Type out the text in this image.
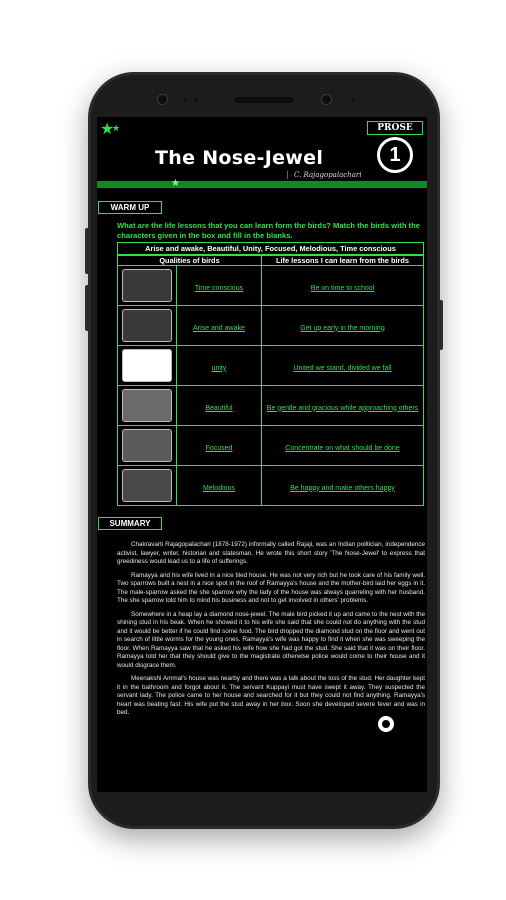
★
★	PROSE
1
The Nose-Jewel
C. Rajagopalachari
★
WARM UP
What are the life lessons that you can learn form the birds? Match the birds with the characters given in the box and fill in the blanks.
Arise and awake, Beautiful, Unity, Focused, Melodious, Time conscious
Qualities of birds		Life lessons I can learn from the birds

	Time conscious	Be on time to school

	Arise and awake	Get up early in the morning

	unity	United we stand, divided we fall

	Beautiful	Be gentle and gracious while approaching others

	Focused	Concentrate on what should be done

	Melodious	Be happy and make others happy
SUMMARY

Chakravarti Rajagopalachari (1878-1972) informally called Rajaji, was an Indian politician, independence activist, lawyer, writer, historian and statesman. He wrote this short story 'The Nose-Jewel' to express that greediness would lead us to a life of sufferings.

Ramayya and his wife lived in a nice tiled house. He was not very rich but he took care of his family well. Two sparrows built a nest in a nice spot in the roof of Ramayya's house and the mother-bird laid her eggs in it. The male-sparrow asked the she sparrow why the lady of the house was always quarreling with her husband. The she sparrow told him to mind his business and not to get involved in others' problems.

Somewhere in a heap lay a diamond nose-jewel. The male bird picked it up and came to the nest with the shining stud in his beak. When he showed it to his wife she said that she could not do anything with the stud and it would be better if he could find some food. The bird dropped the diamond stud on the floor and went out in search of little worms for the young ones. Ramayya's wife was happy to find it when she was sweeping the floor. When Ramayya saw that he asked his wife how she had got the stud. She said that it was on their floor. Ramayya told her that they should give to the magistrate otherwise police would come to their house and it would disgrace them.

Meenakshi Ammal's house was nearby and there was a talk about the loss of the stud. Her daughter kept it in the bathroom and forgot about it. The servant Kuppayi must have swept it away. They suspected the servant lady. The police came to her house and searched for it but they could not find anything. Ramayya's heart was beating fast. His wife put the stud away in her box. Soon she developed severe fever and was in bed.
